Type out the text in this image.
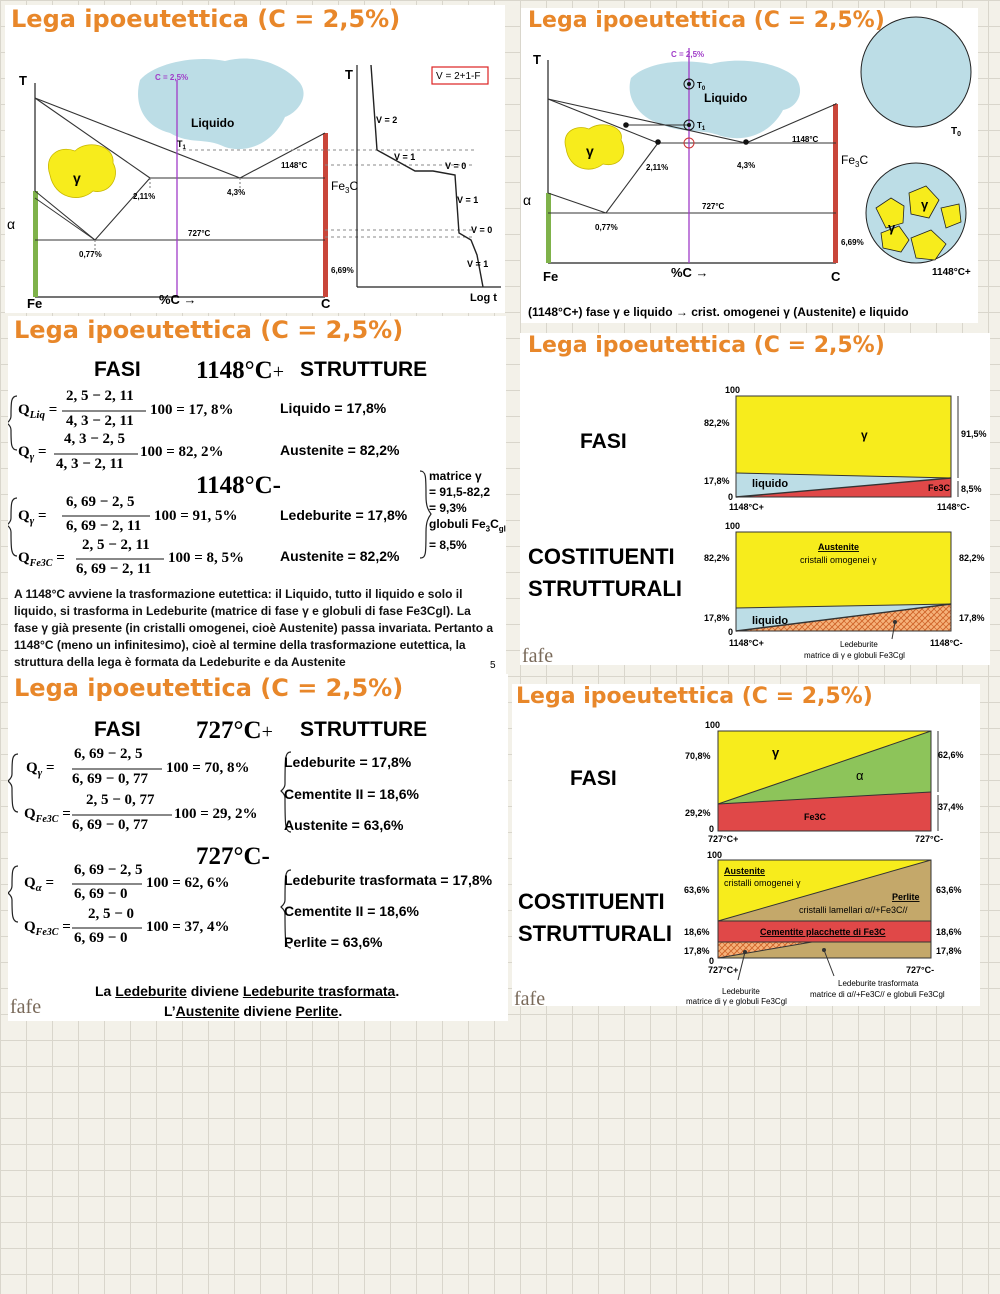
Lega ipoeutettica (C = 2,5%)
T	T
C = 2,5%
Liquido
$T_1$
γ
α
2,11%	4,3%
1148°C
$Fe_3C$
0,77%
727°C
6,69%
Fe	%C →	C
V = 2+1-F
V = 2
V = 1
V = 0
V = 1
V = 0
V = 1
Log t
Lega ipoeutettica (C = 2,5%)
T	C = 2,5%
$T_0$
Liquido
$T_1$
γ
α
2,11%	4,3%
1148°C
$Fe_3C$
727°C
0,77%
6,69%
Fe	%C →	C
$T_0$
γ
γ
1148°C+
(1148°C+) fase γ e liquido → crist. omogenei γ (Austenite) e liquido
Lega ipoeutettica (C = 2,5%)
FASI 1148°C+ STRUTTURE
$Q_{Liq}$ =
2, 5 − 2, 11
4, 3 − 2, 11
100 = 17, 8%	Liquido = 17,8%
$Q_\gamma$ =
4, 3 − 2, 5
4, 3 − 2, 11
100 = 82, 2%	Austenite = 82,2%
1148°C-
$Q_\gamma$ =
6, 69 − 2, 5
6, 69 − 2, 11
100 = 91, 5%	Ledeburite = 17,8%
$Q_{Fe3C}$ =
2, 5 − 2, 11
6, 69 − 2, 11
100 = 8, 5%	Austenite = 82,2%
matrice γ
= 91,5-82,2
= 9,3%
globuli $Fe_3C_{gl}$
= 8,5%
A 1148°C avviene la trasformazione eutettica: il Liquido, tutto il liquido e solo il liquido, si trasforma in Ledeburite (matrice di fase γ e globuli di fase Fe3Cgl). La fase γ già presente (in cristalli omogenei, cioè Austenite) passa invariata. Pertanto a 1148°C (meno un infinitesimo), cioè al termine della trasformazione eutettica, la struttura della lega è formata da Ledeburite e da Austenite	5
Lega ipoeutettica (C = 2,5%)
FASI
COSTITUENTI
STRUTTURALI
100
82,2%
17,8%
0
γ
liquido	Fe3C
91,5%
8,5%
1148°C+	1148°C-
100
82,2%
17,8%
0
Austenite
cristalli omogenei γ
liquido
82,2%
17,8%
1148°C+	1148°C-
Ledeburite
matrice di γ e globuli Fe3Cgl
fafe
Lega ipoeutettica (C = 2,5%)
FASI 727°C+ STRUTTURE
$Q_\gamma$ =
6, 69 − 2, 5
6, 69 − 0, 77
100 = 70, 8%
$Q_{Fe3C}$ =
2, 5 − 0, 77
6, 69 − 0, 77
100 = 29, 2%
Ledeburite = 17,8%
Cementite II = 18,6%
Austenite = 63,6%
727°C-
$Q_\alpha$ =
6, 69 − 2, 5
6, 69 − 0
100 = 62, 6%
$Q_{Fe3C}$ =
2, 5 − 0
6, 69 − 0
100 = 37, 4%
Ledeburite trasformata = 17,8%
Cementite II = 18,6%
Perlite = 63,6%
La Ledeburite diviene Ledeburite trasformata.
L’Austenite diviene Perlite.
fafe
Lega ipoeutettica (C = 2,5%)
FASI
COSTITUENTI
STRUTTURALI
100
70,8%
29,2%
0
γ
α
Fe3C
62,6%
37,4%
727°C+	727°C-
100
63,6%
18,6%
17,8%
0
Austenite
cristalli omogenei γ
Perlite
cristalli lamellari α//+Fe3C//
Cementite placchette di Fe3C
63,6%
18,6%
17,8%
727°C+	727°C-
Ledeburite
matrice di γ e globuli Fe3Cgl
Ledeburite trasformata
matrice di α//+Fe3C// e globuli Fe3Cgl
fafe
